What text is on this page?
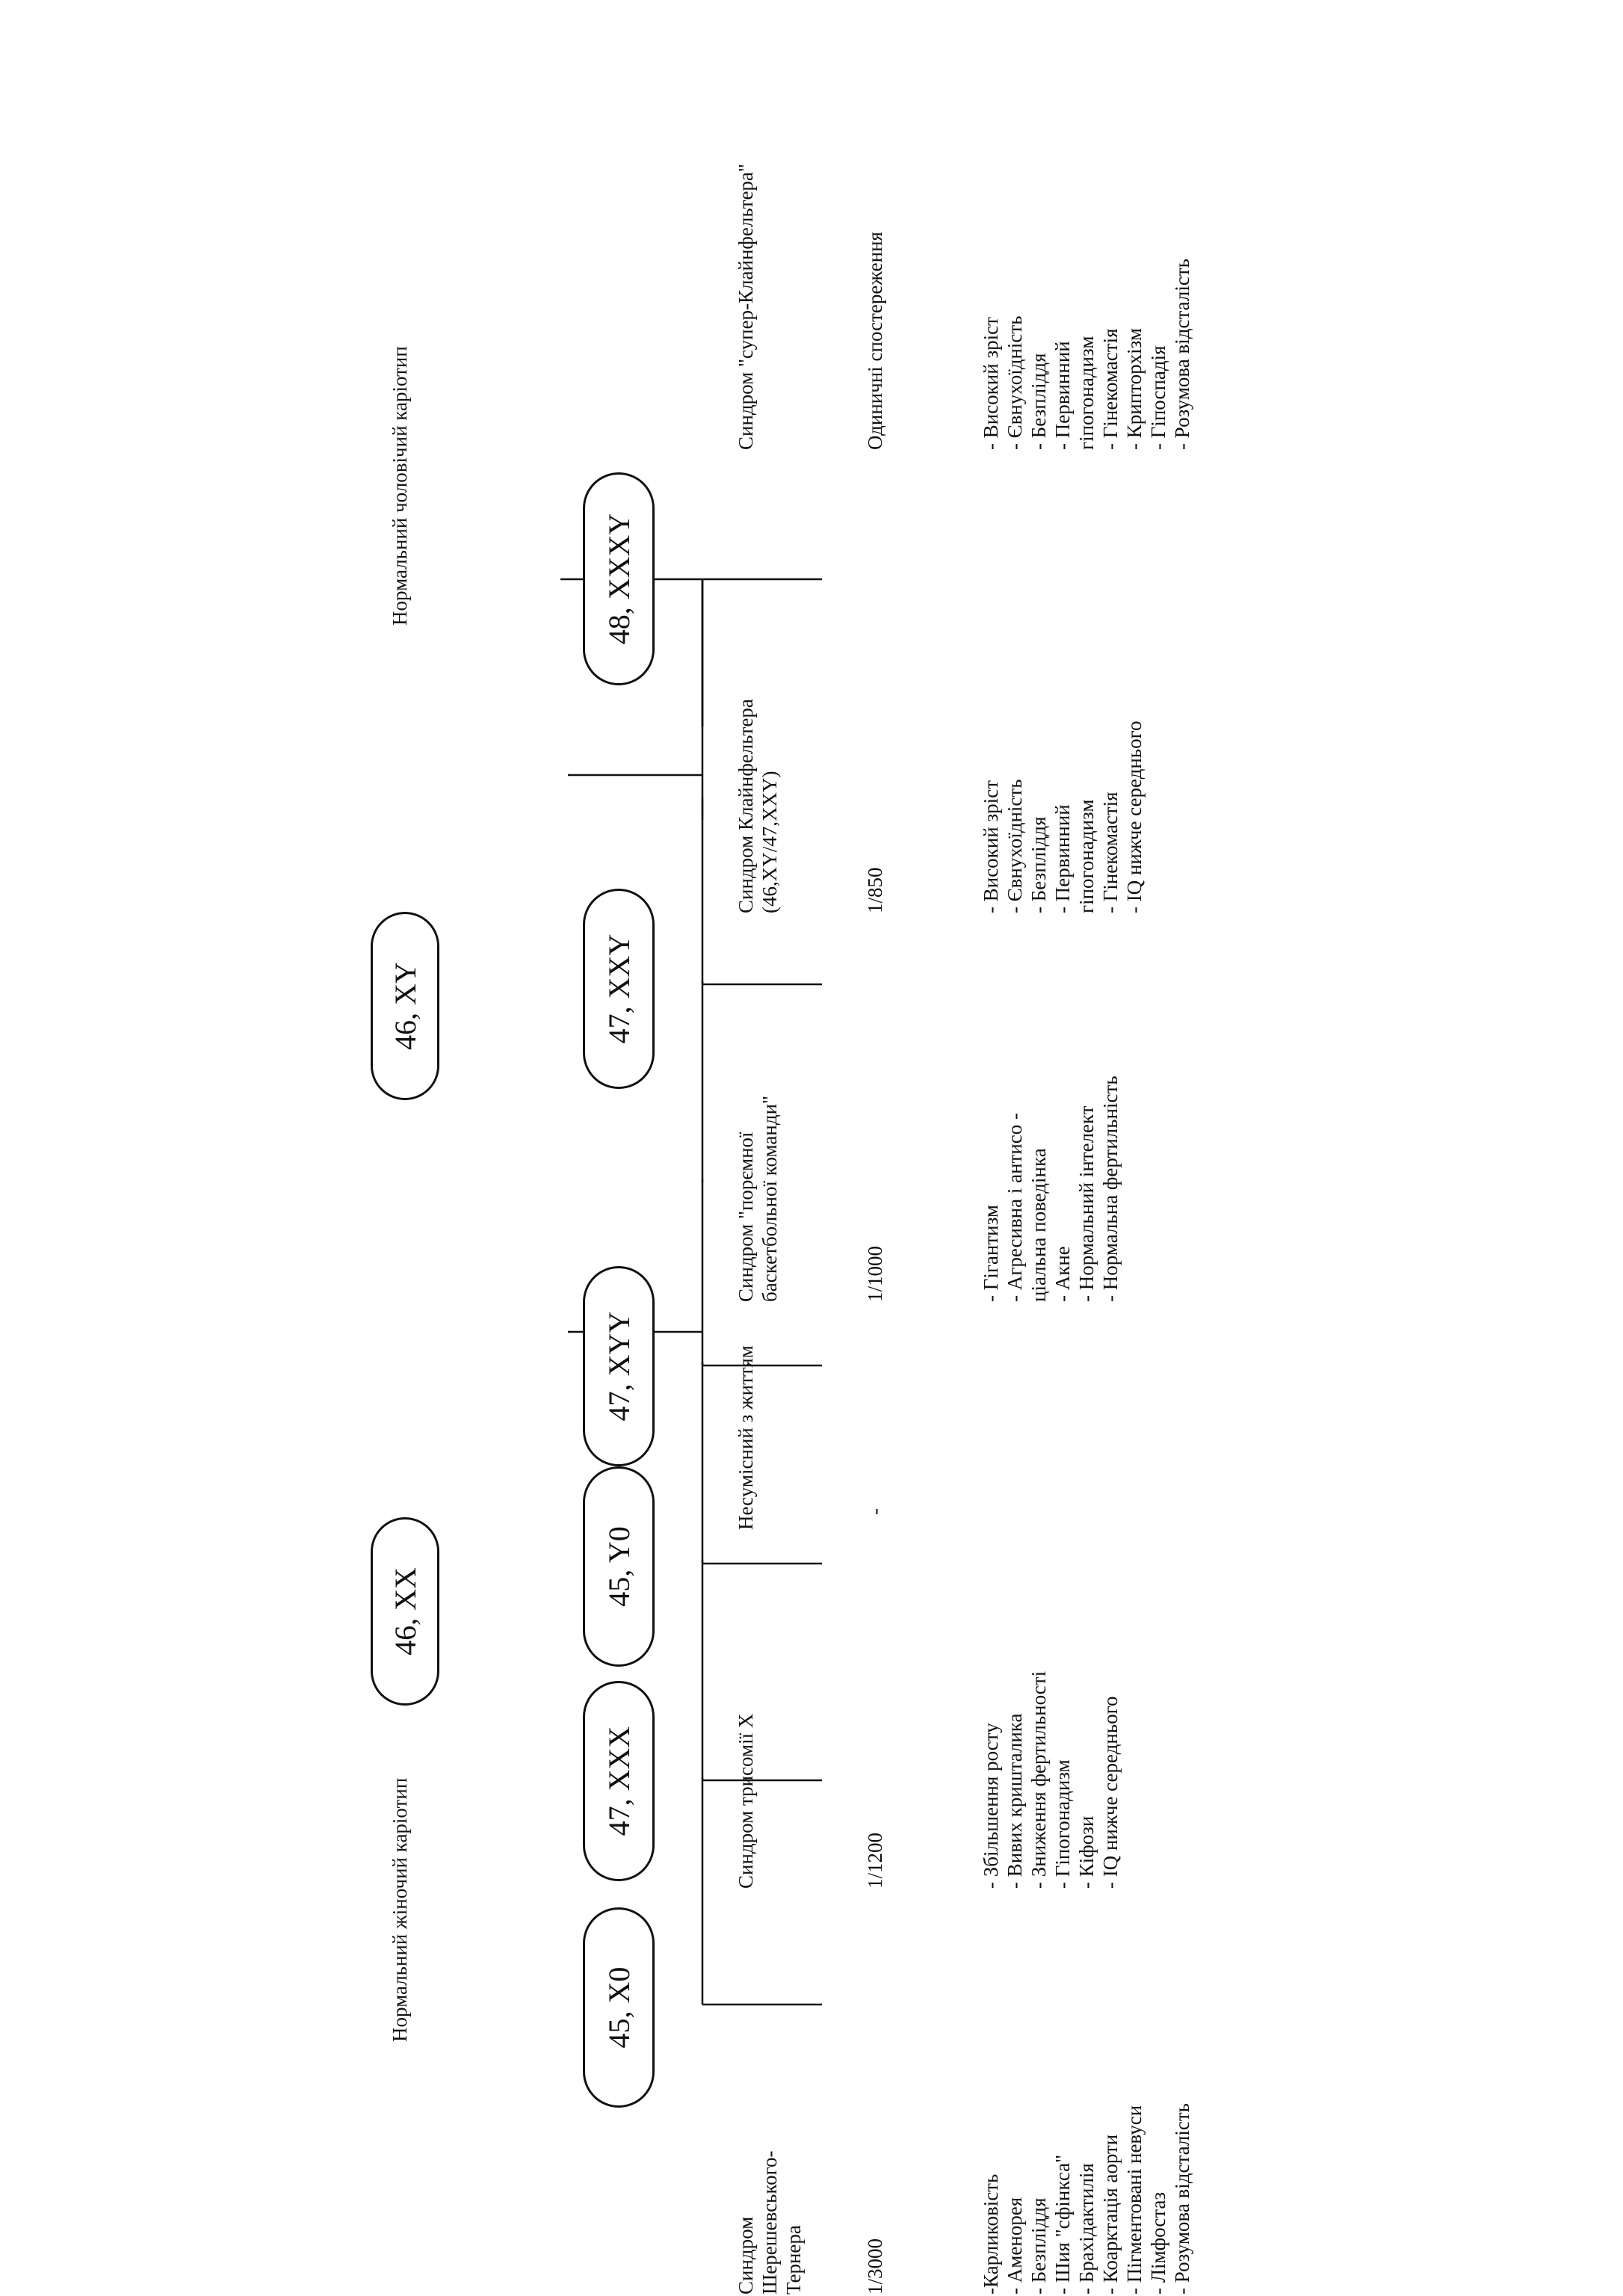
Нормальний жіночий каріотип
Нормальний чоловічий каріотип
46, XX
46, XY
45, X0
47, XXX
45, Y0
47, XYY
47, XXY
48, XXXY
Синдром Шерешевського-
Тернера
Синдром трисомії Х
Несумісний з життям
Синдром "порємної
баскетбольної команди"
Синдром Клайнфельтера
(46,XY/47,XXY)
Синдром "супер-Клайнфельтера"
1/3000
1/1200
-
1/1000
1/850
Одиничні спостереження
-Карликовість
- Аменорея
- Безпліддя
- Шия "сфінкса"
- Брахідактилія
- Коарктація аорти
- Пігментовані невуси
- Лімфостаз
- Розумова відсталість
- Збільшення росту
- Вивих кришталика
- Зниження фертильності
- Гіпогонадизм
- Кіфози
- IQ нижче середнього
- Гігантизм
- Агресивна і антисо -
ціальна поведінка
- Акне
- Нормальний інтелект
- Нормальна фертильність
- Високий зріст
- Євнухоїдність
- Безпліддя
- Первинний
гіпогонадизм
- Гінекомастія
- IQ нижче середнього
- Високий зріст
- Євнухоїдність
- Безпліддя
- Первинний
гіпогонадизм
- Гінекомастія
- Крипторхізм
- Гіпоспадія
- Розумова відсталість
